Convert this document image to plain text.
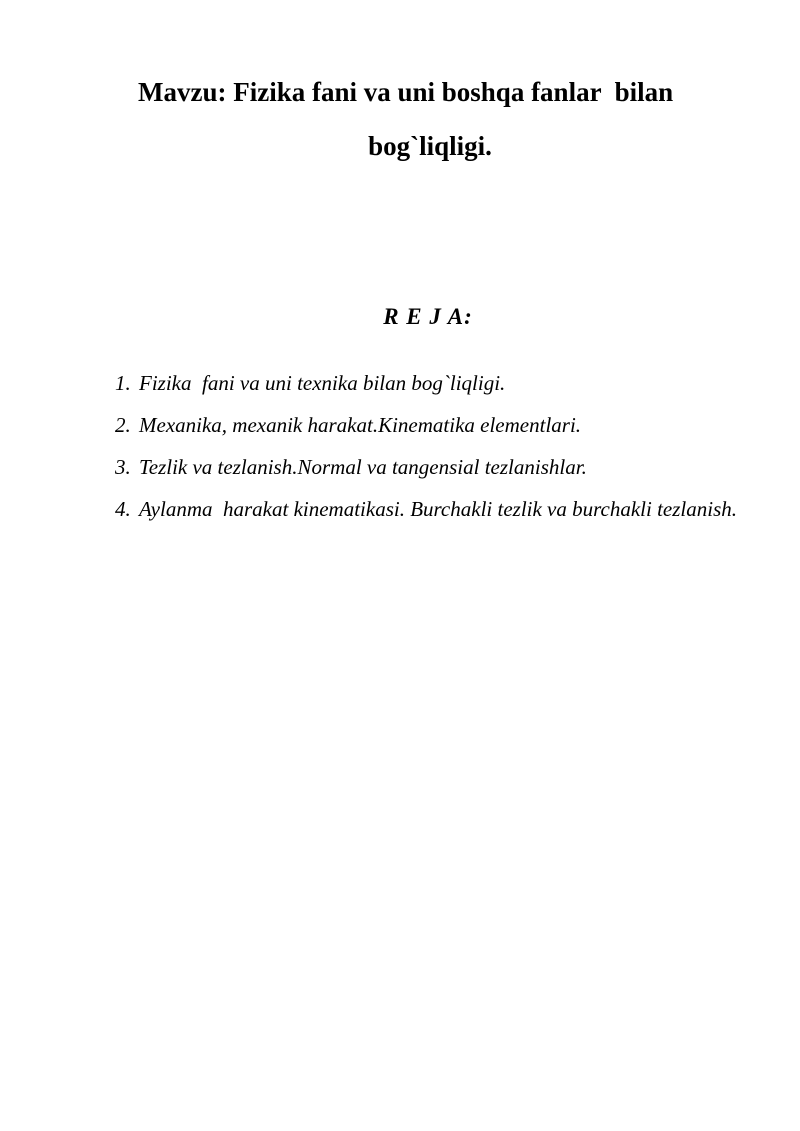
Mavzu: Fizika fani va uni boshqa fanlar  bilan
bog`liqligi.
R E J A:
1. Fizika  fani va uni texnika bilan bog`liqligi.
2. Mexanika, mexanik harakat.Kinematika elementlari.
3. Tezlik va tezlanish.Normal va tangensial tezlanishlar.
4. Aylanma  harakat kinematikasi. Burchakli tezlik va burchakli tezlanish.
